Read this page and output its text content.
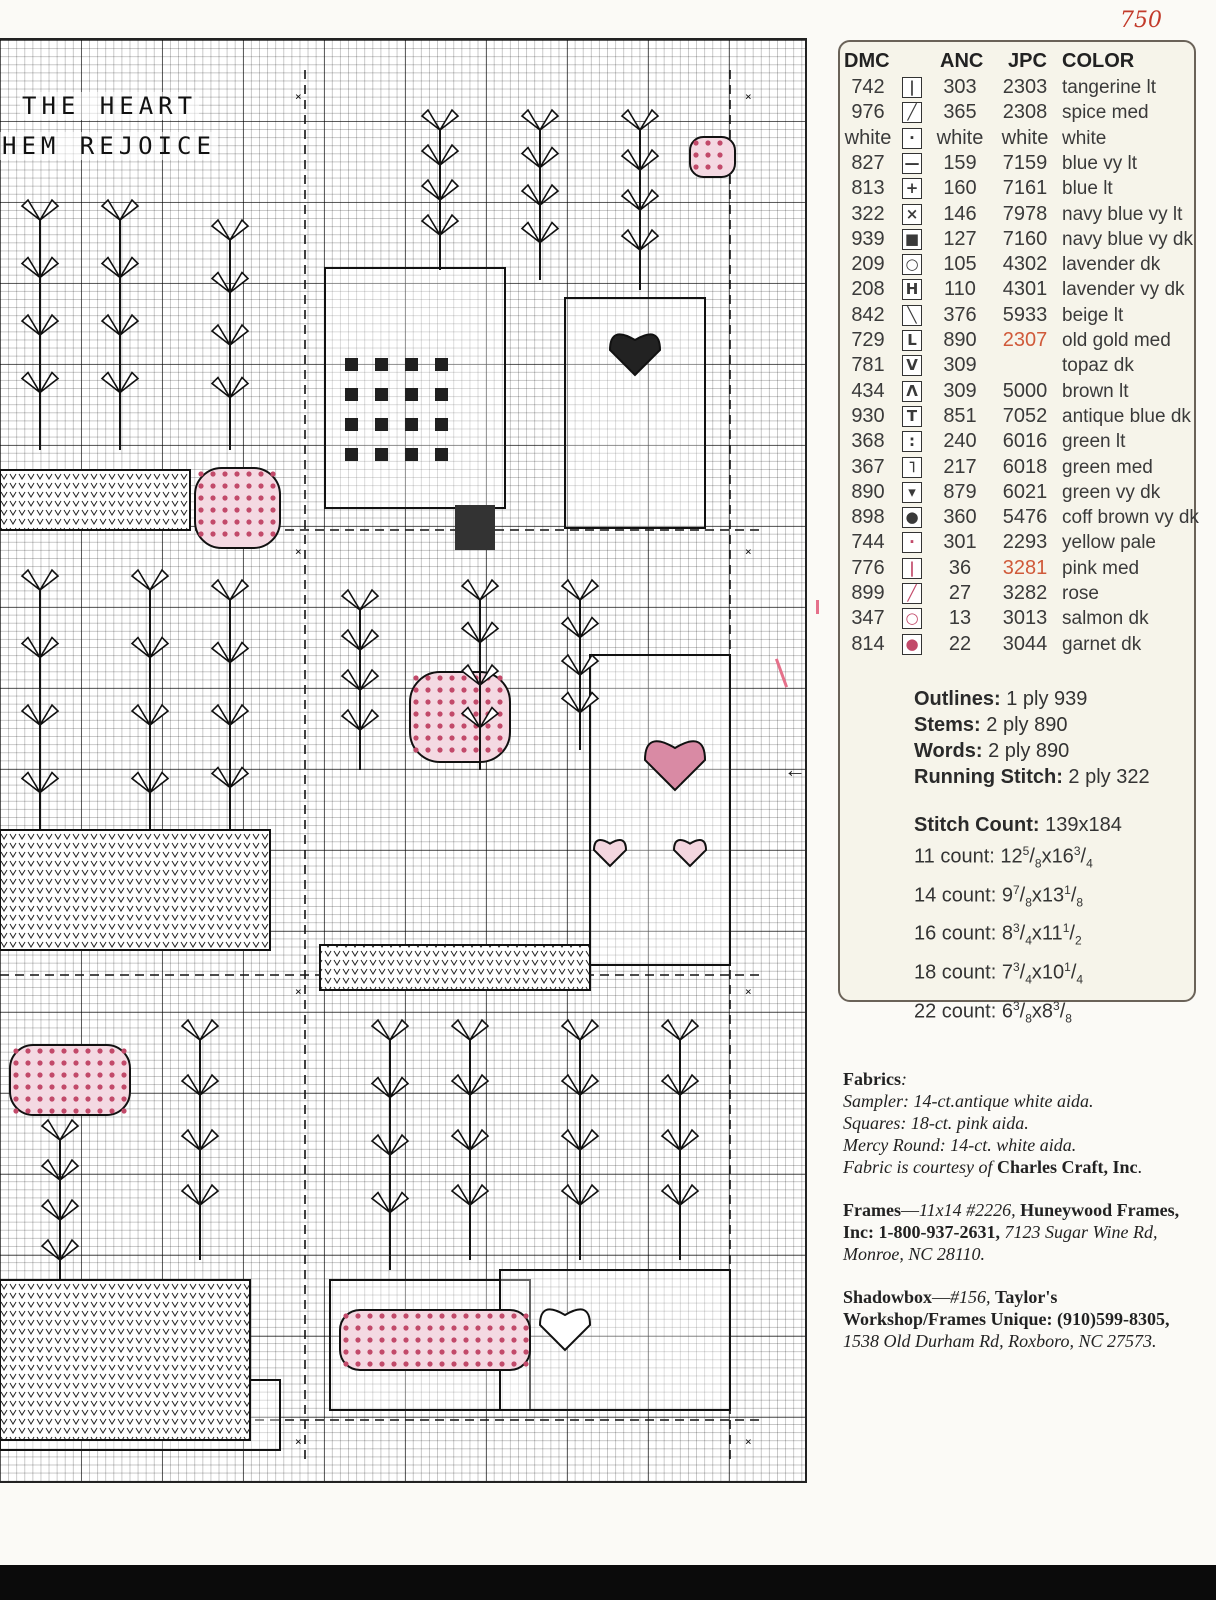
750
×	×
×	×
×	×
×	×
THE HEART
HEM REJOICE
←
DMC	ANC JPC COLOR
742	|	303	2303 tangerine lt
976	╱	365	2308 spice med
white	·	white white white
827	—	159	7159 blue vy lt
813	+	160	7161 blue lt
322	×	146	7978 navy blue vy lt
939	■	127	7160 navy blue vy dk
209	○	105	4302 lavender dk
208	H	110	4301 lavender vy dk
842	╲	376	5933 beige lt
729	L	890	2307 old gold med
781	V	309	topaz dk
434	Λ	309	5000 brown lt
930	T	851	7052 antique blue dk
368	:	240	6016 green lt
367	˥	217	6018 green med
890	▾	879	6021 green vy dk
898	●	360	5476 coff brown vy dk
744	·	301	2293 yellow pale
776	|	36	3281 pink med
899	╱	27	3282 rose
347	○	13	3013 salmon dk
814	●	22	3044 garnet dk
Outlines: 1 ply 939
Stems: 2 ply 890
Words: 2 ply 890
Running Stitch: 2 ply 322
Stitch Count: 139x184
11 count: $12^5/_8x16^3/_4$
14 count: $9^7/_8x13^1/_8$
16 count: $8^3/_4x11^1/_2$
18 count: $7^3/_4x10^1/_4$
22 count: $6^3/_8x8^3/_8$

Fabrics:
Sampler: 14-ct.antique white aida.
Squares: 18-ct. pink aida.
Mercy Round: 14-ct. white aida.
Fabric is courtesy of Charles Craft, Inc.

Frames—11x14 #2226, Huneywood Frames, Inc: 1-800-937-2631, 7123 Sugar Wine Rd, Monroe, NC 28110.

Shadowbox—#156, Taylor's Workshop/Frames Unique: (910)599-8305, 1538 Old Durham Rd, Roxboro, NC 27573.
